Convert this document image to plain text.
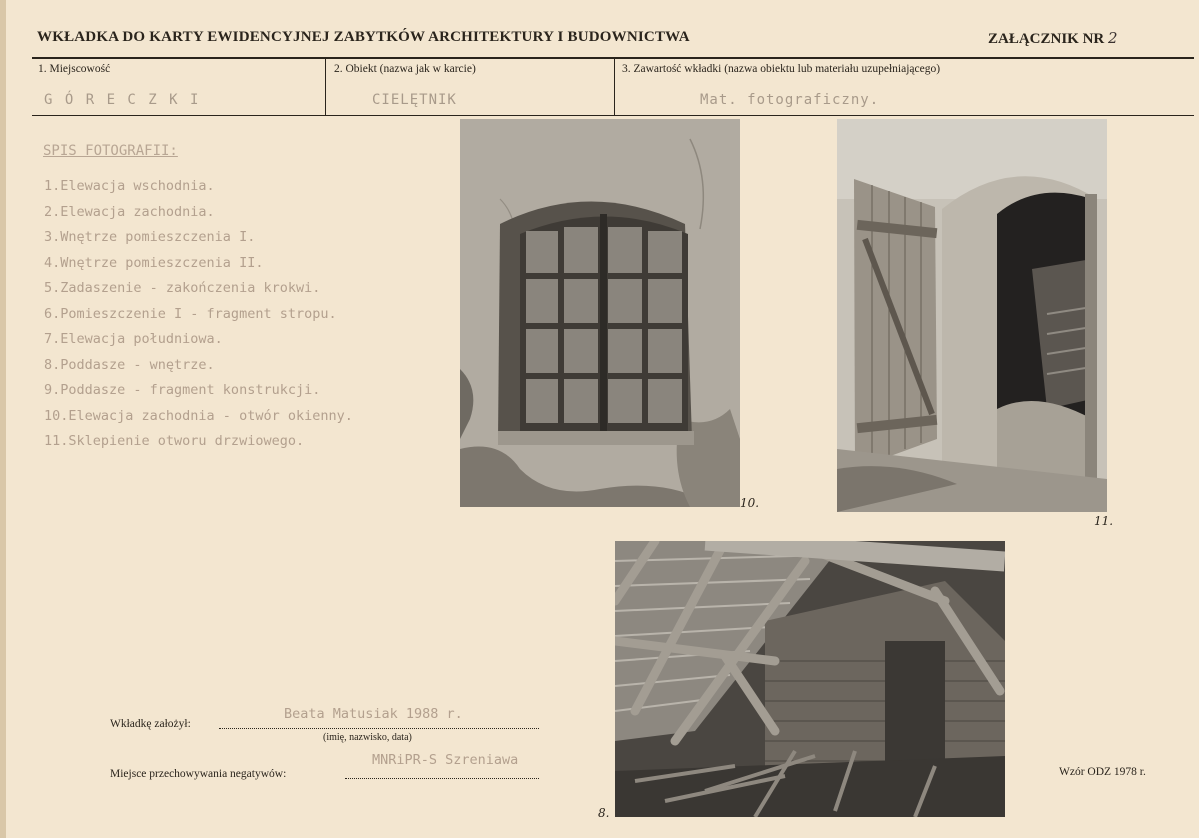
WKŁADKA DO KARTY EWIDENCYJNEJ ZABYTKÓW ARCHITEKTURY I BUDOWNICTWA	ZAŁĄCZNIK NR 2
1. Miejscowość	2. Obiekt (nazwa jak w karcie)	3. Zawartość wkładki (nazwa obiektu lub materiału uzupełniającego)
G Ó R E C Z K I	CIELĘTNIK	Mat. fotograficzny.
SPIS FOTOGRAFII:
1.Elewacja wschodnia.
2.Elewacja zachodnia.
3.Wnętrze pomieszczenia I.
4.Wnętrze pomieszczenia II.
5.Zadaszenie - zakończenia krokwi.
6.Pomieszczenie I - fragment stropu.
7.Elewacja południowa.
8.Poddasze - wnętrze.
9.Poddasze - fragment konstrukcji.
10.Elewacja zachodnia - otwór okienny.
11.Sklepienie otworu drzwiowego.
10.
11.
8.
Wkładkę założył:
Beata Matusiak 1988 r.
(imię, nazwisko, data)
Miejsce przechowywania negatywów:
MNRiPR-S Szreniawa
Wzór ODZ 1978 r.
